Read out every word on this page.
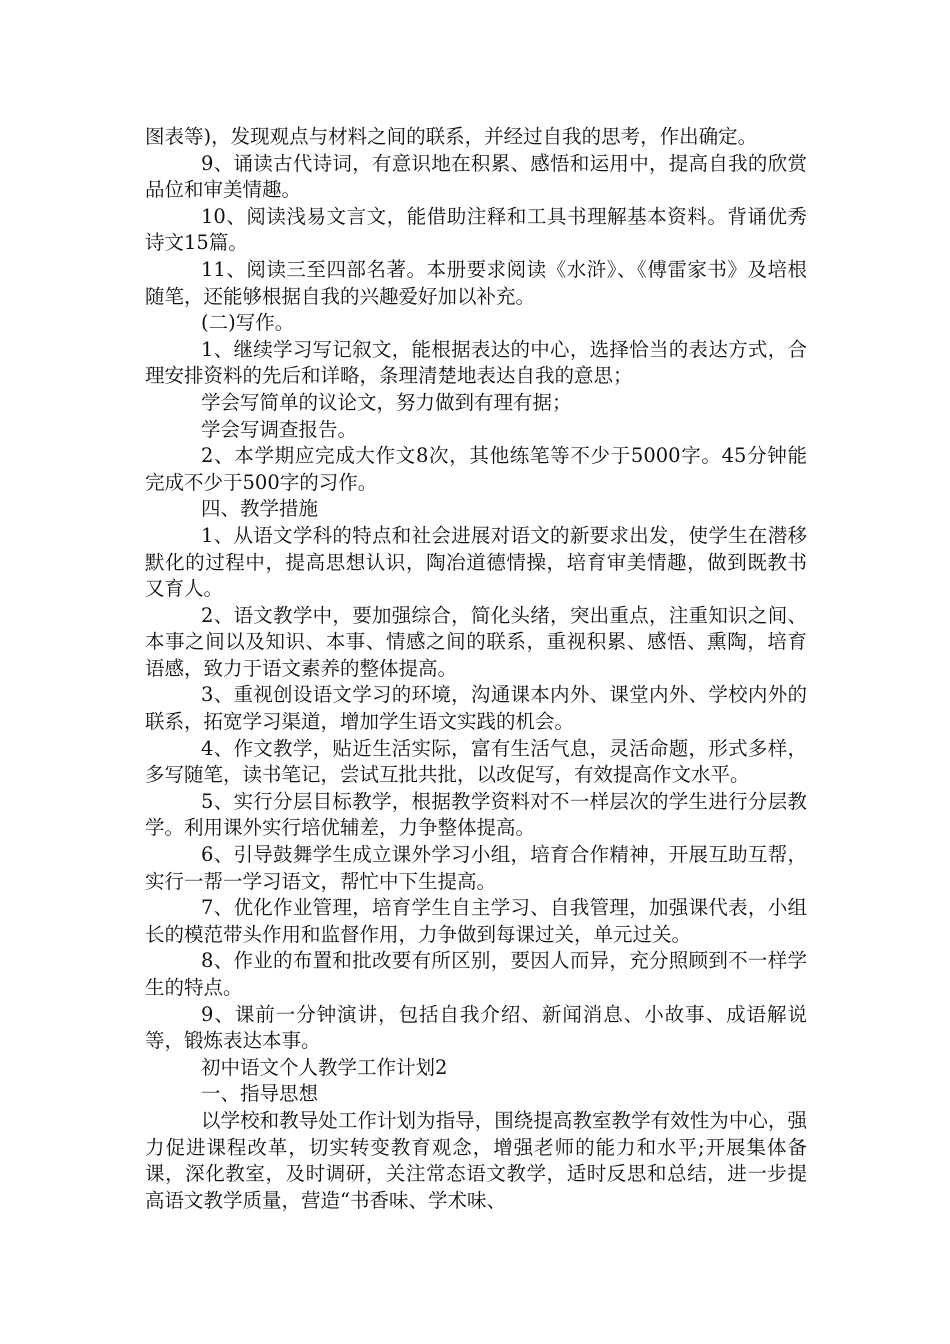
图表等)，发现观点与材料之间的联系，并经过自我的思考，作出确定。

9、诵读古代诗词，有意识地在积累、感悟和运用中，提高自我的欣赏品位和审美情趣。

10、阅读浅易文言文，能借助注释和工具书理解基本资料。背诵优秀诗文15篇。

11、阅读三至四部名著。本册要求阅读《水浒》、《傅雷家书》及培根随笔，还能够根据自我的兴趣爱好加以补充。

(二)写作。

1、继续学习写记叙文，能根据表达的中心，选择恰当的表达方式，合理安排资料的先后和详略，条理清楚地表达自我的意思；

学会写简单的议论文，努力做到有理有据；

学会写调查报告。

2、本学期应完成大作文8次，其他练笔等不少于5000字。45分钟能完成不少于500字的习作。

四、教学措施

1、从语文学科的特点和社会进展对语文的新要求出发，使学生在潜移默化的过程中，提高思想认识，陶冶道德情操，培育审美情趣，做到既教书又育人。

2、语文教学中，要加强综合，简化头绪，突出重点，注重知识之间、本事之间以及知识、本事、情感之间的联系，重视积累、感悟、熏陶，培育语感，致力于语文素养的整体提高。

3、重视创设语文学习的环境，沟通课本内外、课堂内外、学校内外的联系，拓宽学习渠道，增加学生语文实践的机会。

4、作文教学，贴近生活实际，富有生活气息，灵活命题，形式多样，多写随笔，读书笔记，尝试互批共批，以改促写，有效提高作文水平。

5、实行分层目标教学，根据教学资料对不一样层次的学生进行分层教学。利用课外实行培优辅差，力争整体提高。

6、引导鼓舞学生成立课外学习小组，培育合作精神，开展互助互帮，实行一帮一学习语文，帮忙中下生提高。

7、优化作业管理，培育学生自主学习、自我管理，加强课代表，小组长的模范带头作用和监督作用，力争做到每课过关，单元过关。

8、作业的布置和批改要有所区别，要因人而异，充分照顾到不一样学生的特点。

9、课前一分钟演讲，包括自我介绍、新闻消息、小故事、成语解说等，锻炼表达本事。

初中语文个人教学工作计划2

一、指导思想

以学校和教导处工作计划为指导，围绕提高教室教学有效性为中心，强力促进课程改革，切实转变教育观念，增强老师的能力和水平;开展集体备课，深化教室，及时调研，关注常态语文教学，适时反思和总结，进一步提高语文教学质量，营造“书香味、学术味、
